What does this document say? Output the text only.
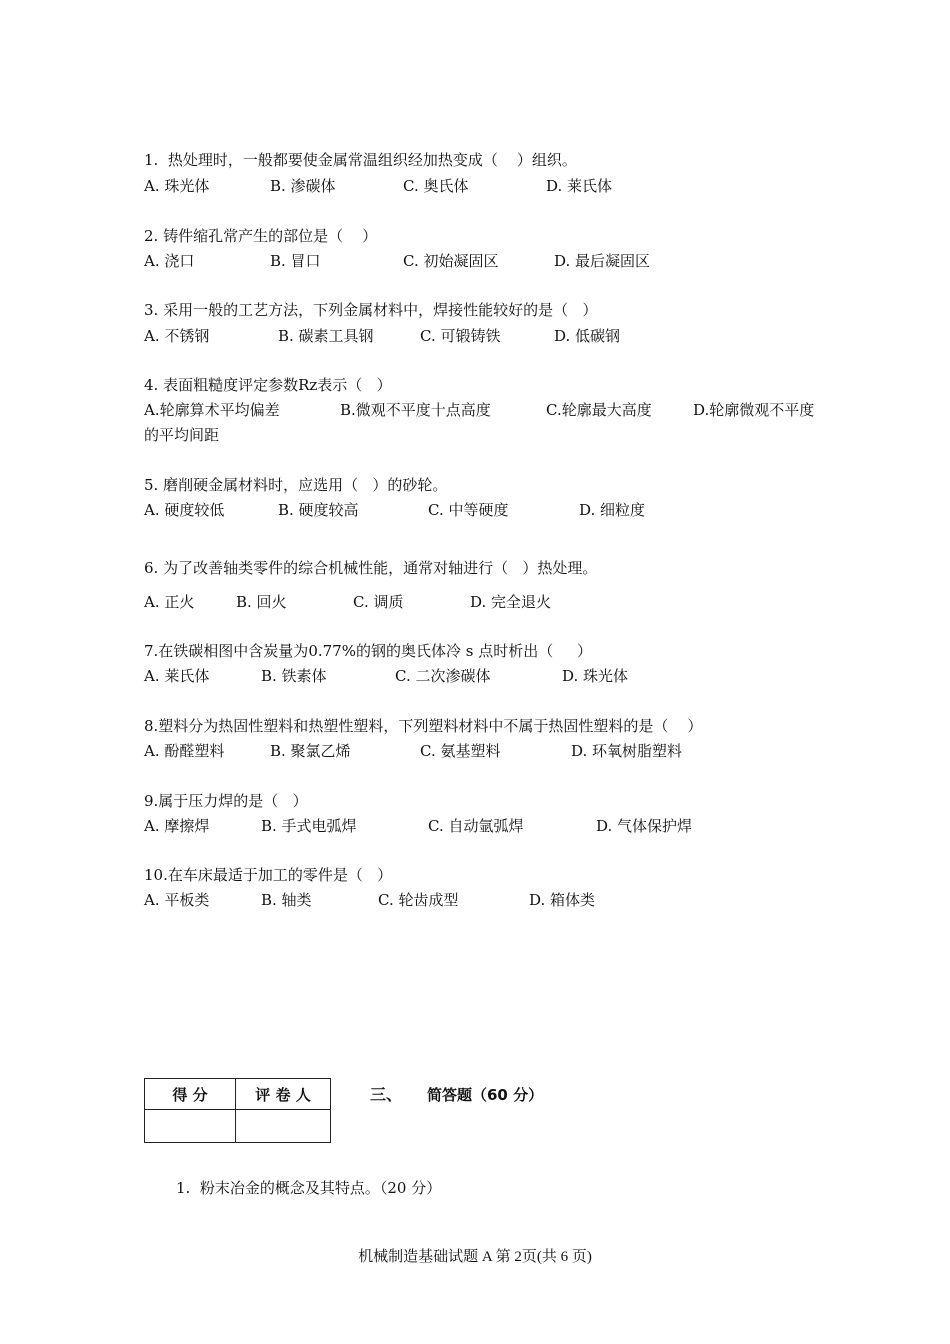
1.  热处理时，一般都要使金属常温组织经加热变成（    ）组织。
A. 珠光体	B. 渗碳体	C. 奥氏体	D. 莱氏体
2. 铸件缩孔常产生的部位是（    ）
A. 浇口	B. 冒口	C. 初始凝固区	D. 最后凝固区
3. 采用一般的工艺方法，下列金属材料中，焊接性能较好的是（   ）
A. 不锈钢	B. 碳素工具钢	C. 可锻铸铁	D. 低碳钢
4. 表面粗糙度评定参数Rz表示（   ）
A.轮廓算术平均偏差	B.微观不平度十点高度	C.轮廓最大高度	D.轮廓微观不平度
的平均间距
5. 磨削硬金属材料时，应选用（   ）的砂轮。
A. 硬度较低	B. 硬度较高	C. 中等硬度	D. 细粒度
6. 为了改善轴类零件的综合机械性能，通常对轴进行（   ）热处理。
A. 正火	B. 回火	C. 调质	D. 完全退火
7.在铁碳相图中含炭量为0.77%的钢的奥氏体冷 s 点时析出（     ）
A. 莱氏体	B. 铁素体	C. 二次渗碳体	D. 珠光体
8.塑料分为热固性塑料和热塑性塑料，下列塑料材料中不属于热固性塑料的是（    ）
A. 酚醛塑料	B. 聚氯乙烯	C. 氨基塑料	D. 环氧树脂塑料
9.属于压力焊的是（   ）
A. 摩擦焊	B. 手式电弧焊	C. 自动氩弧焊	D. 气体保护焊
10.在车床最适于加工的零件是（   ）
A. 平板类	B. 轴类	C. 轮齿成型	D. 箱体类
得 分	评 卷 人
		三、 简答题（60 分）
1.  粉末冶金的概念及其特点。（20 分）
机械制造基础试题 A 第 2页(共 6 页)
